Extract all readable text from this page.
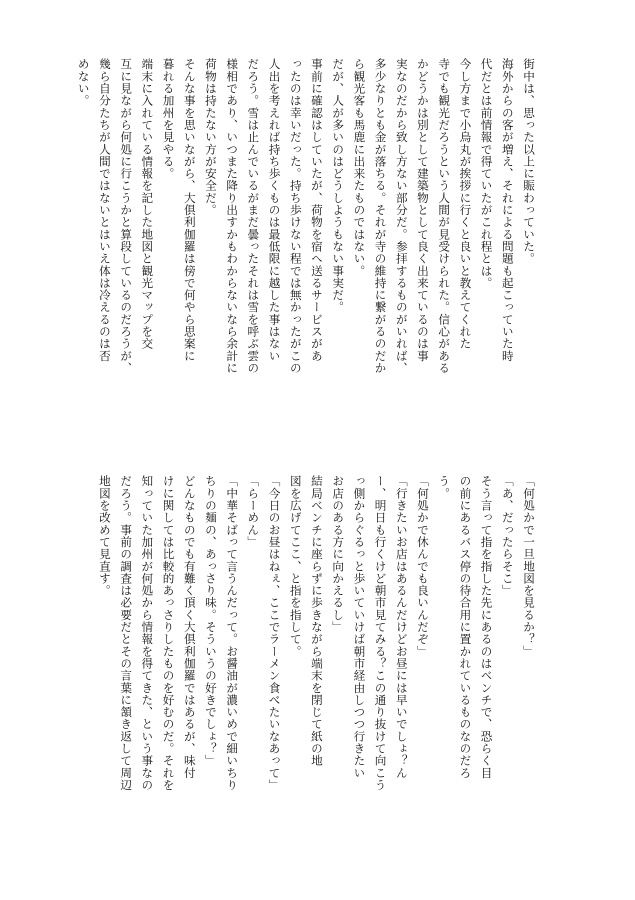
街中は、思った以上に賑わっていた。

海外からの客が増え、それによる問題も起こっていた時

代だとは前情報で得ていたがこれ程とは。

今し方まで小烏丸が挨拶に行くと良いと教えてくれた

寺でも観光だろうという人間が見受けられた。信心がある

かどうかは別として建築物として良く出来ているのは事

実なのだから致し方ない部分だ。参拝するものがいれば、

多少なりとも金が落ちる。それが寺の維持に繋がるのだか

ら観光客も馬鹿に出来たものではない。

だが、人が多いのはどうしようもない事実だ。

事前に確認はしていたが、荷物を宿へ送るサービスがあ

ったのは幸いだった。持ち歩けない程では無かったがこの

人出を考えれば持ち歩くものは最低限に越した事はない

だろう。雪は止んでいるがまだ曇ったそれは雪を呼ぶ雲の

様相であり、いつまた降り出すかもわからないなら余計に

荷物は持たない方が安全だ。

そんな事を思いながら、大倶利伽羅は傍で何やら思案に

暮れる加州を見やる。

端末に入れている情報を記した地図と観光マップを交

互に見ながら何処に行こうかと算段しているのだろうが、

幾ら自分たちが人間ではないとはいえ体は冷えるのは否

めない。

「何処かで一旦地図を見るか？」

「あ、だったらそこ」

そう言って指を指した先にあるのはベンチで、恐らく目

の前にあるバス停の待合用に置かれているものなのだろ

う。

「何処かで休んでも良いんだぞ」

「行きたいお店はあるんだけどお昼には早いでしょ？ん

ー、明日も行くけど朝市見てみる？この通り抜けて向こう

っ側からぐるっと歩いていけば朝市経由しつつ行きたい

お店のある方に向かえるし」

結局ベンチに座らずに歩きながら端末を閉じて紙の地

図を広げてここ、と指を指して。

「今日のお昼はねぇ、ここでラーメン食べたいなあって」

「らーめん」

「中華そばって言うんだって。お醤油が濃いめで細いちり

ちりの麺の、あっさり味。そういうの好きでしょ？」

どんなものでも有難く頂く大倶利伽羅ではあるが、味付

けに関しては比較的あっさりしたものを好むのだ。それを

知っていた加州が何処から情報を得てきた、という事なの

だろう。事前の調査は必要だとその言葉に頷き返して周辺

地図を改めて見直す。
